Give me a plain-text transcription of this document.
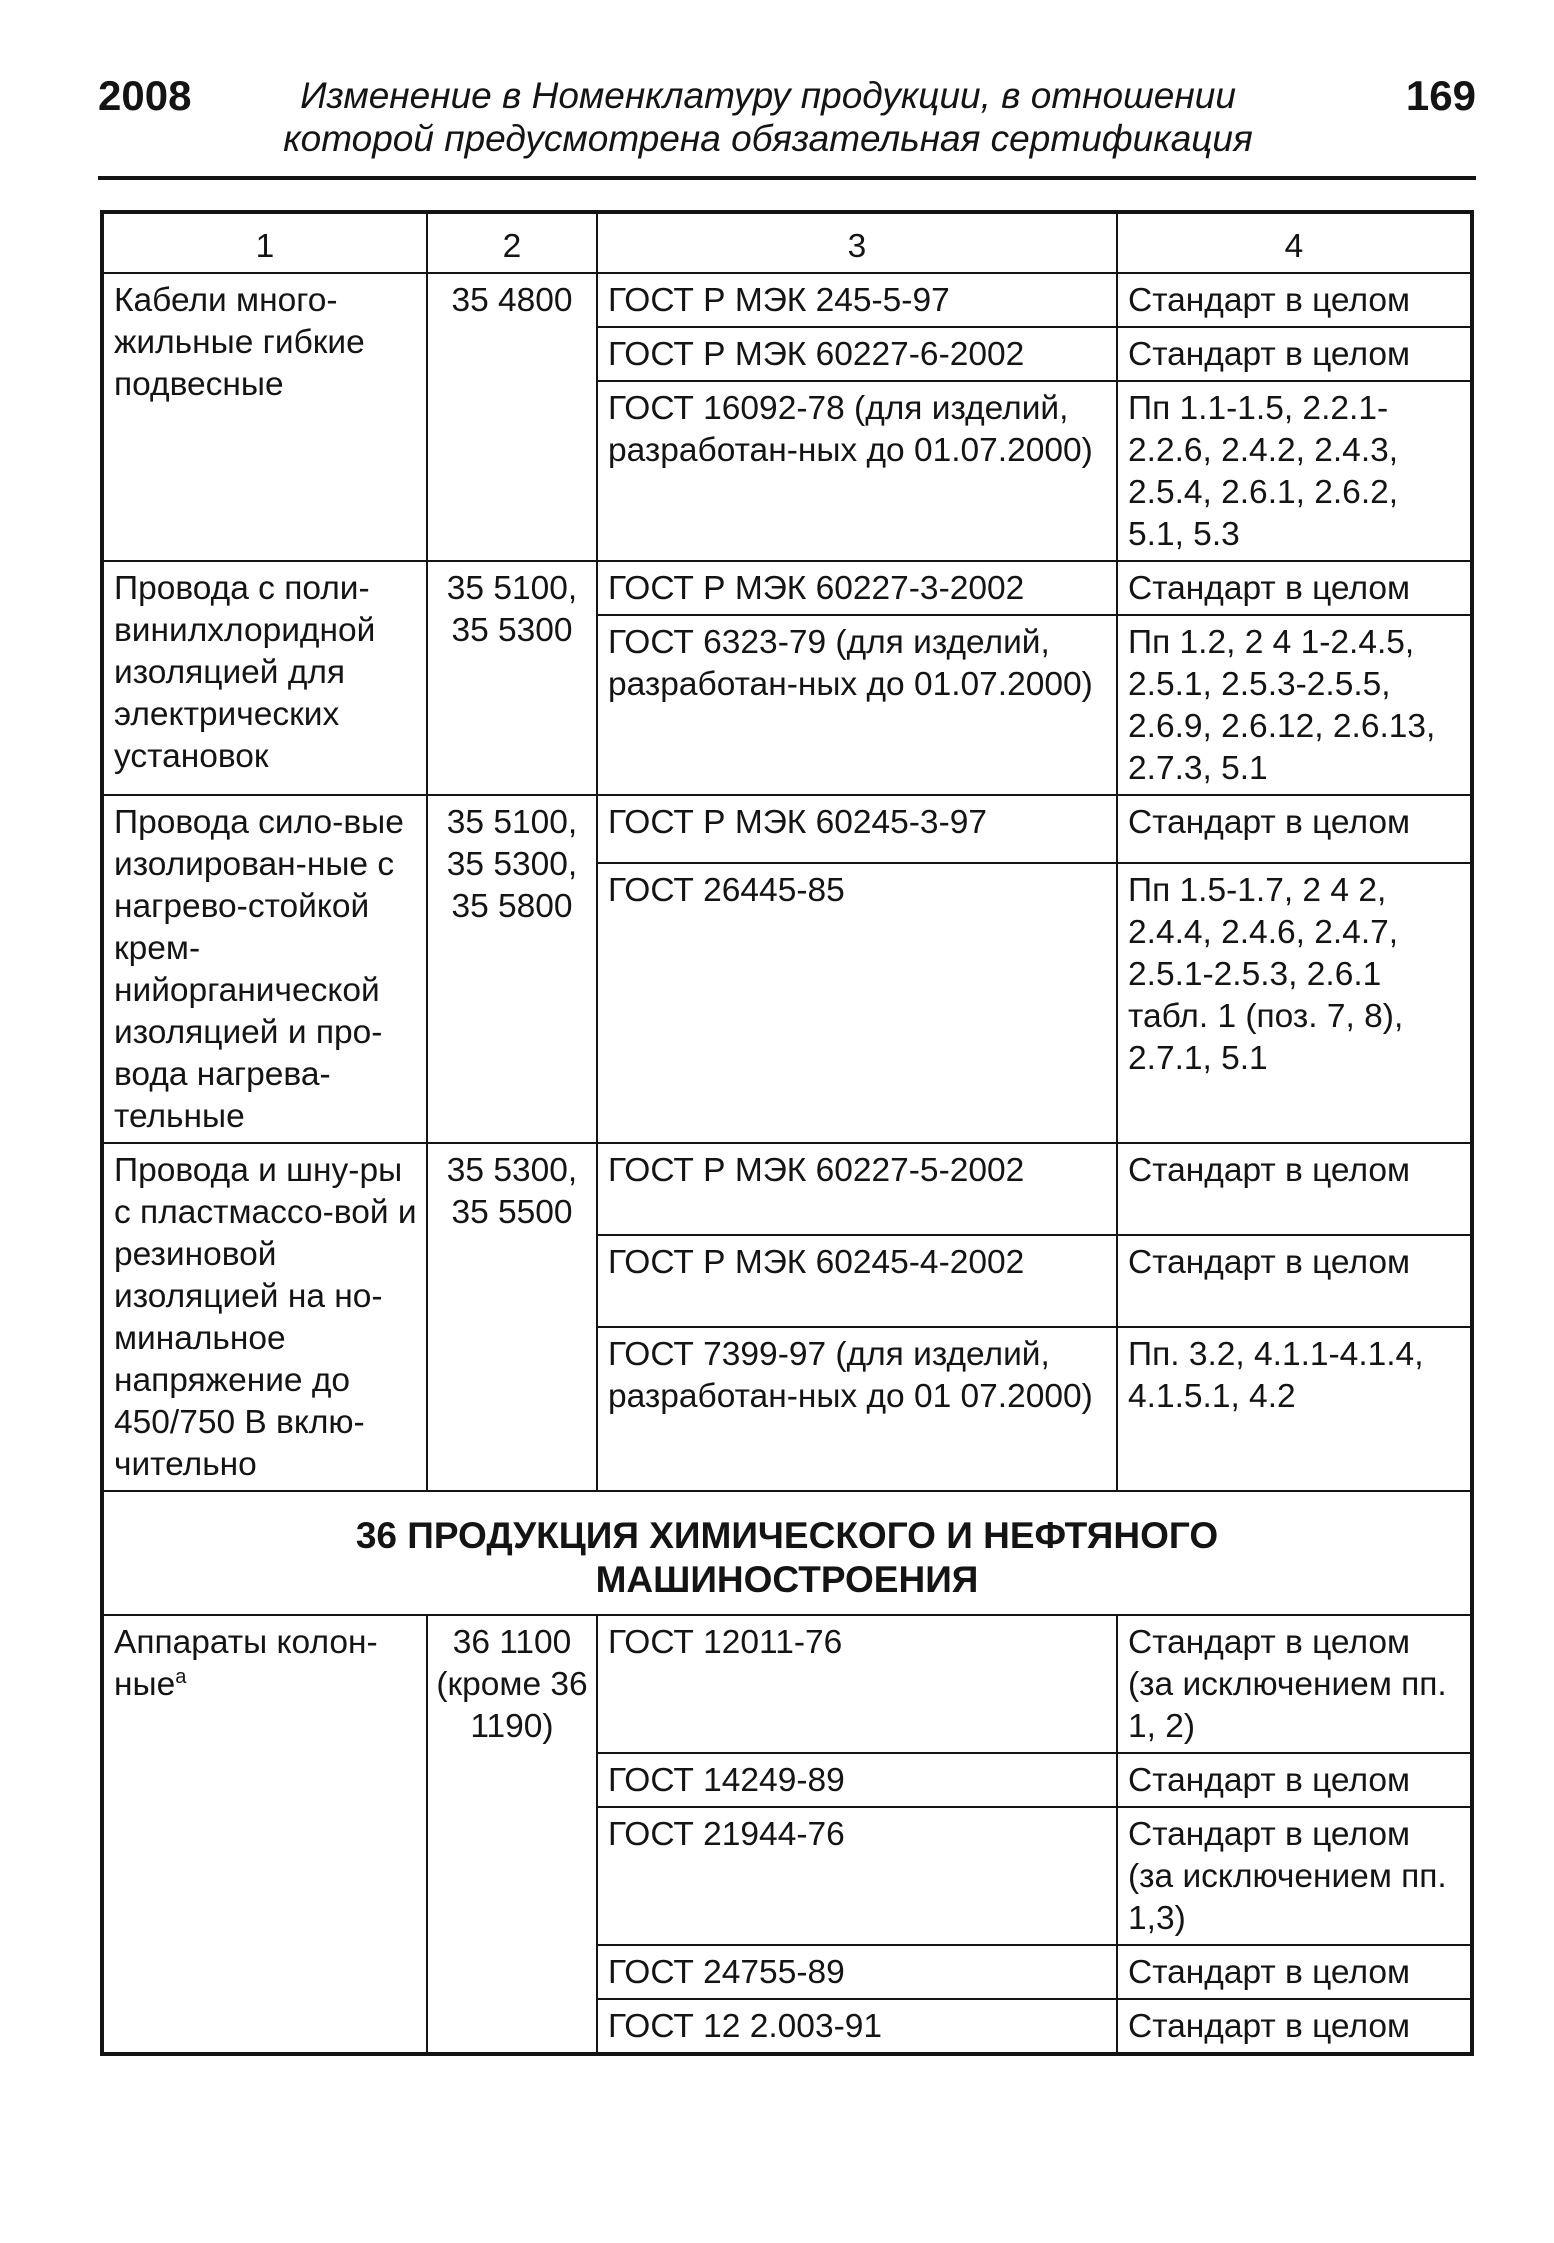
2008	Изменение в Номенклатуру продукции, в отношении
которой предусмотрена обязательная сертификация
169
1	2	3	4
Кабели много-жильные гибкие подвесные	35 4800	ГОСТ Р МЭК 245-5-97	Стандарт в целом
		ГОСТ Р МЭК 60227-6-2002	Стандарт в целом
		ГОСТ 16092-78 (для изделий, разработан-ных до 01.07.2000)	Пп 1.1-1.5, 2.2.1-2.2.6, 2.4.2, 2.4.3, 2.5.4, 2.6.1, 2.6.2, 5.1, 5.3
Провода с поли-винилхлоридной изоляцией для электрических установок	35 5100, 35 5300	ГОСТ Р МЭК 60227-3-2002	Стандарт в целом
		ГОСТ 6323-79 (для изделий, разработан-ных до 01.07.2000)	Пп 1.2, 2 4 1-2.4.5, 2.5.1, 2.5.3-2.5.5, 2.6.9, 2.6.12, 2.6.13, 2.7.3, 5.1
Провода сило-вые изолирован-ные с нагрево-стойкой крем-нийорганической изоляцией и про-вода нагрева-тельные	35 5100, 35 5300, 35 5800	ГОСТ Р МЭК 60245-3-97	Стандарт в целом
		ГОСТ 26445-85	Пп 1.5-1.7, 2 4 2, 2.4.4, 2.4.6, 2.4.7, 2.5.1-2.5.3, 2.6.1 табл. 1 (поз. 7, 8), 2.7.1, 5.1
Провода и шну-ры с пластмассо-вой и резиновой изоляцией на но-минальное напряжение до 450/750 В вклю-чительно	35 5300, 35 5500	ГОСТ Р МЭК 60227-5-2002	Стандарт в целом
		ГОСТ Р МЭК 60245-4-2002	Стандарт в целом
		ГОСТ 7399-97 (для изделий, разработан-ных до 01 07.2000)	Пп. 3.2, 4.1.1-4.1.4, 4.1.5.1, 4.2

36 ПРОДУКЦИЯ ХИМИЧЕСКОГО И НЕФТЯНОГО
МАШИНОСТРОЕНИЯ			

Аппараты колон-ные$^а$	36 1100 (кроме 36 1190)	ГОСТ 12011-76	Стандарт в целом (за исключением пп. 1, 2)
		ГОСТ 14249-89	Стандарт в целом
		ГОСТ 21944-76	Стандарт в целом (за исключением пп. 1,3)
		ГОСТ 24755-89	Стандарт в целом
		ГОСТ 12 2.003-91	Стандарт в целом
